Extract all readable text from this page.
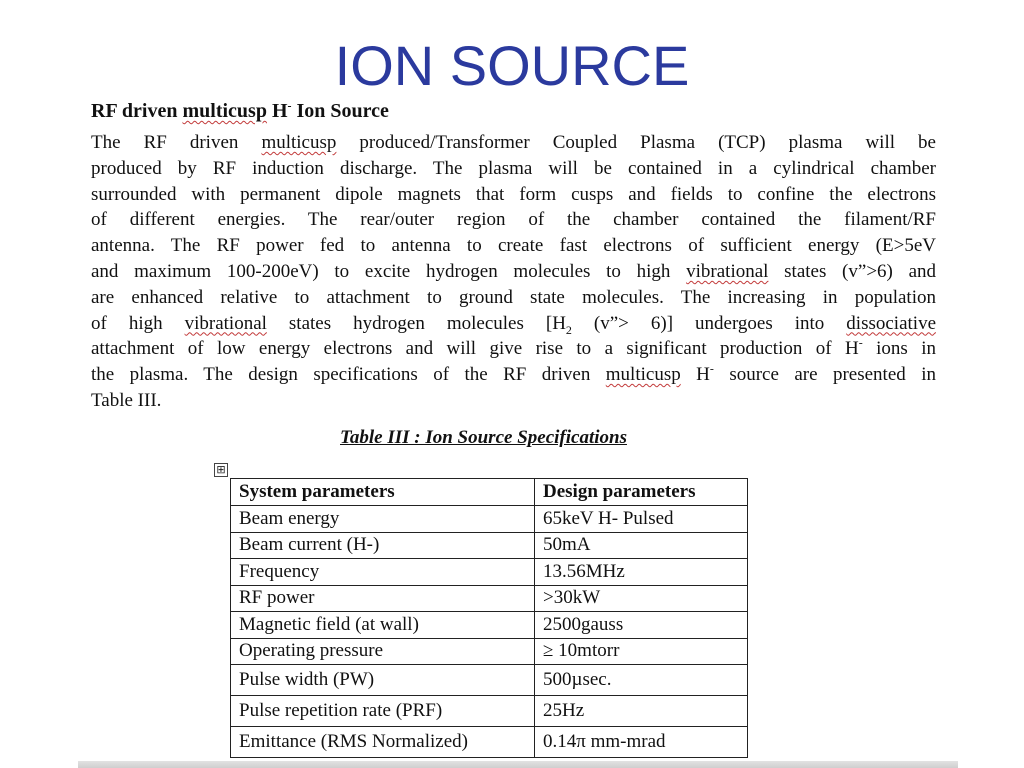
ION SOURCE
RF driven multicusp H- Ion Source
The RF driven multicusp produced/Transformer Coupled Plasma (TCP) plasma will be
produced by RF induction discharge. The plasma will be contained in a cylindrical chamber
surrounded with permanent dipole magnets that form cusps and fields to confine the electrons
of different energies. The rear/outer region of the chamber contained the filament/RF
antenna. The RF power fed to antenna to create fast electrons of sufficient energy (E>5eV
and maximum 100-200eV) to excite hydrogen molecules to high vibrational states (v”>6) and
are enhanced relative to attachment to ground state molecules. The increasing in population
of high vibrational states hydrogen molecules [$H_2$ (v”> 6)] undergoes into dissociative
attachment of low energy electrons and will give rise to a significant production of H- ions in
the plasma. The design specifications of the RF driven multicusp H- source are presented in
Table III.
Table III : Ion Source Specifications
⊞
System parameters	Design parameters
Beam energy	65keV H- Pulsed
Beam current (H-)	50mA
Frequency	13.56MHz
RF power	>30kW
Magnetic field (at wall)	2500gauss
Operating pressure	≥ 10mtorr
Pulse width (PW)	500µsec.
Pulse repetition rate (PRF)	25Hz
Emittance (RMS Normalized)	0.14π mm-mrad
